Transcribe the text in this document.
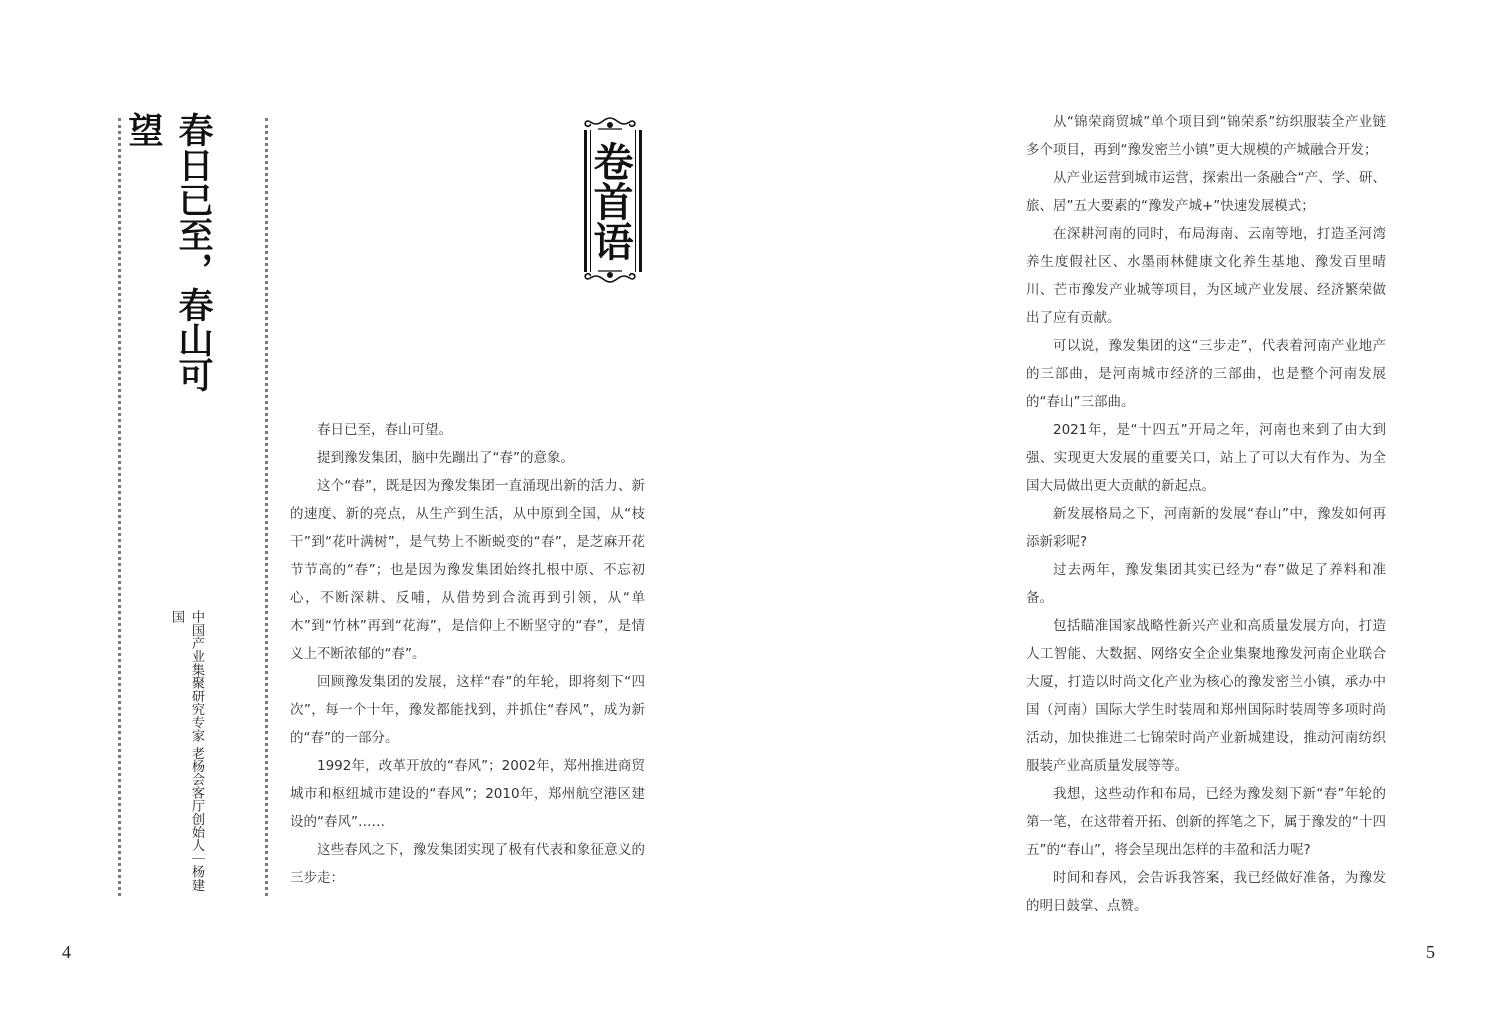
春日已至，春山可望
中国产业集聚研究专家 老杨会客厅创始人｜杨建国
卷首语

春日已至，春山可望。

提到豫发集团，脑中先蹦出了“春”的意象。

这个“春”，既是因为豫发集团一直涌现出新的活力、新的速度、新的亮点，从生产到生活，从中原到全国，从“枝干”到“花叶满树”，是气势上不断蜕变的“春”，是芝麻开花节节高的“春”；也是因为豫发集团始终扎根中原、不忘初心，不断深耕、反哺，从借势到合流再到引领，从“单木”到“竹林”再到“花海”，是信仰上不断坚守的“春”，是情义上不断浓郁的“春”。

回顾豫发集团的发展，这样“春”的年轮，即将刻下“四次”，每一个十年，豫发都能找到，并抓住“春风”，成为新的“春”的一部分。

1992年，改革开放的“春风”；2002年，郑州推进商贸城市和枢纽城市建设的“春风”；2010年，郑州航空港区建设的“春风”……

这些春风之下，豫发集团实现了极有代表和象征意义的三步走：

从“锦荣商贸城”单个项目到“锦荣系”纺织服装全产业链多个项目，再到“豫发密兰小镇”更大规模的产城融合开发；

从产业运营到城市运营，探索出一条融合“产、学、研、旅、居”五大要素的“豫发产城+”快速发展模式；

在深耕河南的同时，布局海南、云南等地，打造圣河湾养生度假社区、水墨雨林健康文化养生基地、豫发百里晴川、芒市豫发产业城等项目，为区域产业发展、经济繁荣做出了应有贡献。

可以说，豫发集团的这“三步走”，代表着河南产业地产的三部曲，是河南城市经济的三部曲，也是整个河南发展的“春山”三部曲。

2021年，是“十四五”开局之年，河南也来到了由大到强、实现更大发展的重要关口，站上了可以大有作为、为全国大局做出更大贡献的新起点。

新发展格局之下，河南新的发展“春山”中，豫发如何再添新彩呢?

过去两年，豫发集团其实已经为“春”做足了养料和准备。

包括瞄准国家战略性新兴产业和高质量发展方向，打造人工智能、大数据、网络安全企业集聚地豫发河南企业联合大厦，打造以时尚文化产业为核心的豫发密兰小镇，承办中国（河南）国际大学生时装周和郑州国际时装周等多项时尚活动，加快推进二七锦荣时尚产业新城建设，推动河南纺织服装产业高质量发展等等。

我想，这些动作和布局，已经为豫发刻下新“春”年轮的第一笔，在这带着开拓、创新的挥笔之下，属于豫发的“十四五”的“春山”，将会呈现出怎样的丰盈和活力呢?

时间和春风，会告诉我答案，我已经做好准备，为豫发的明日鼓掌、点赞。

4	5
